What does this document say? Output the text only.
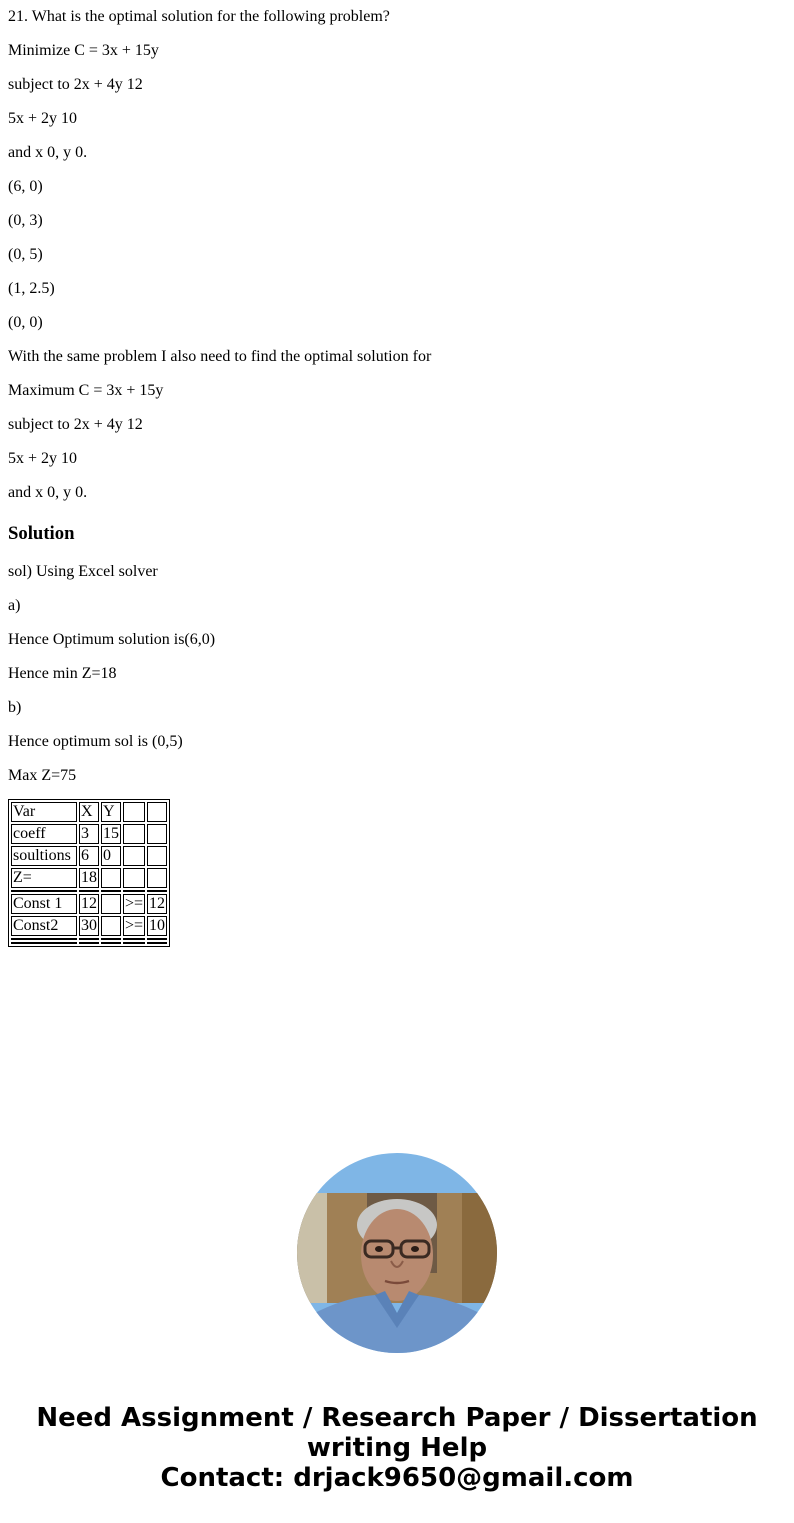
21. What is the optimal solution for the following problem?

Minimize C = 3x + 15y

subject to 2x + 4y 12

5x + 2y 10

and x 0, y 0.

(6, 0)

(0, 3)

(0, 5)

(1, 2.5)

(0, 0)

With the same problem I also need to find the optimal solution for

Maximum C = 3x + 15y

subject to 2x + 4y 12

5x + 2y 10

and x 0, y 0.

Solution

sol) Using Excel solver

a)

Hence Optimum solution is(6,0)

Hence min Z=18

b)

Hence optimum sol is (0,5)

Max Z=75

Var	X	Y		
coeff	3	15		
soultions	6	0		
Z=	18			

Const 1	12		>=	12
Const2	30		>=	10

Need Assignment / Research Paper / Dissertation
writing Help
Contact: drjack9650@gmail.com
